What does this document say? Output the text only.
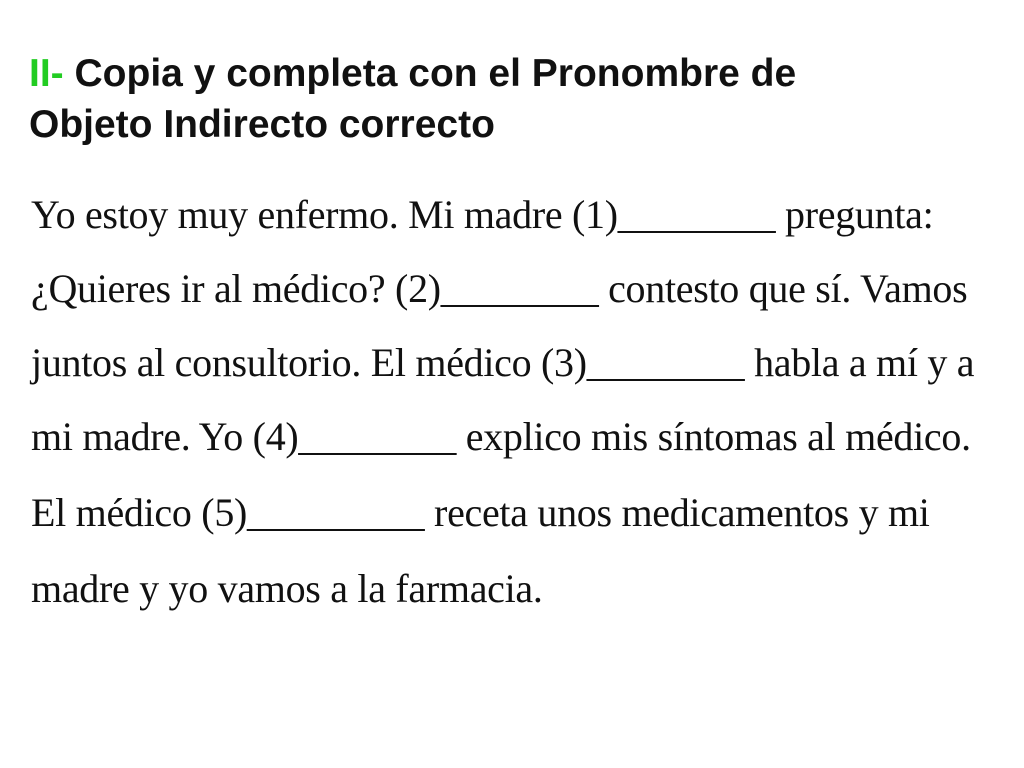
II- Copia y completa con el Pronombre de
Objeto Indirecto correcto
Yo estoy muy enfermo. Mi madre (1)________ pregunta:
¿Quieres ir al médico? (2)________ contesto que sí. Vamos
juntos al consultorio. El médico (3)________ habla a mí y a
mi madre. Yo (4)________ explico mis síntomas al médico.
El médico (5)_________ receta unos medicamentos y mi
madre y yo vamos a la farmacia.
